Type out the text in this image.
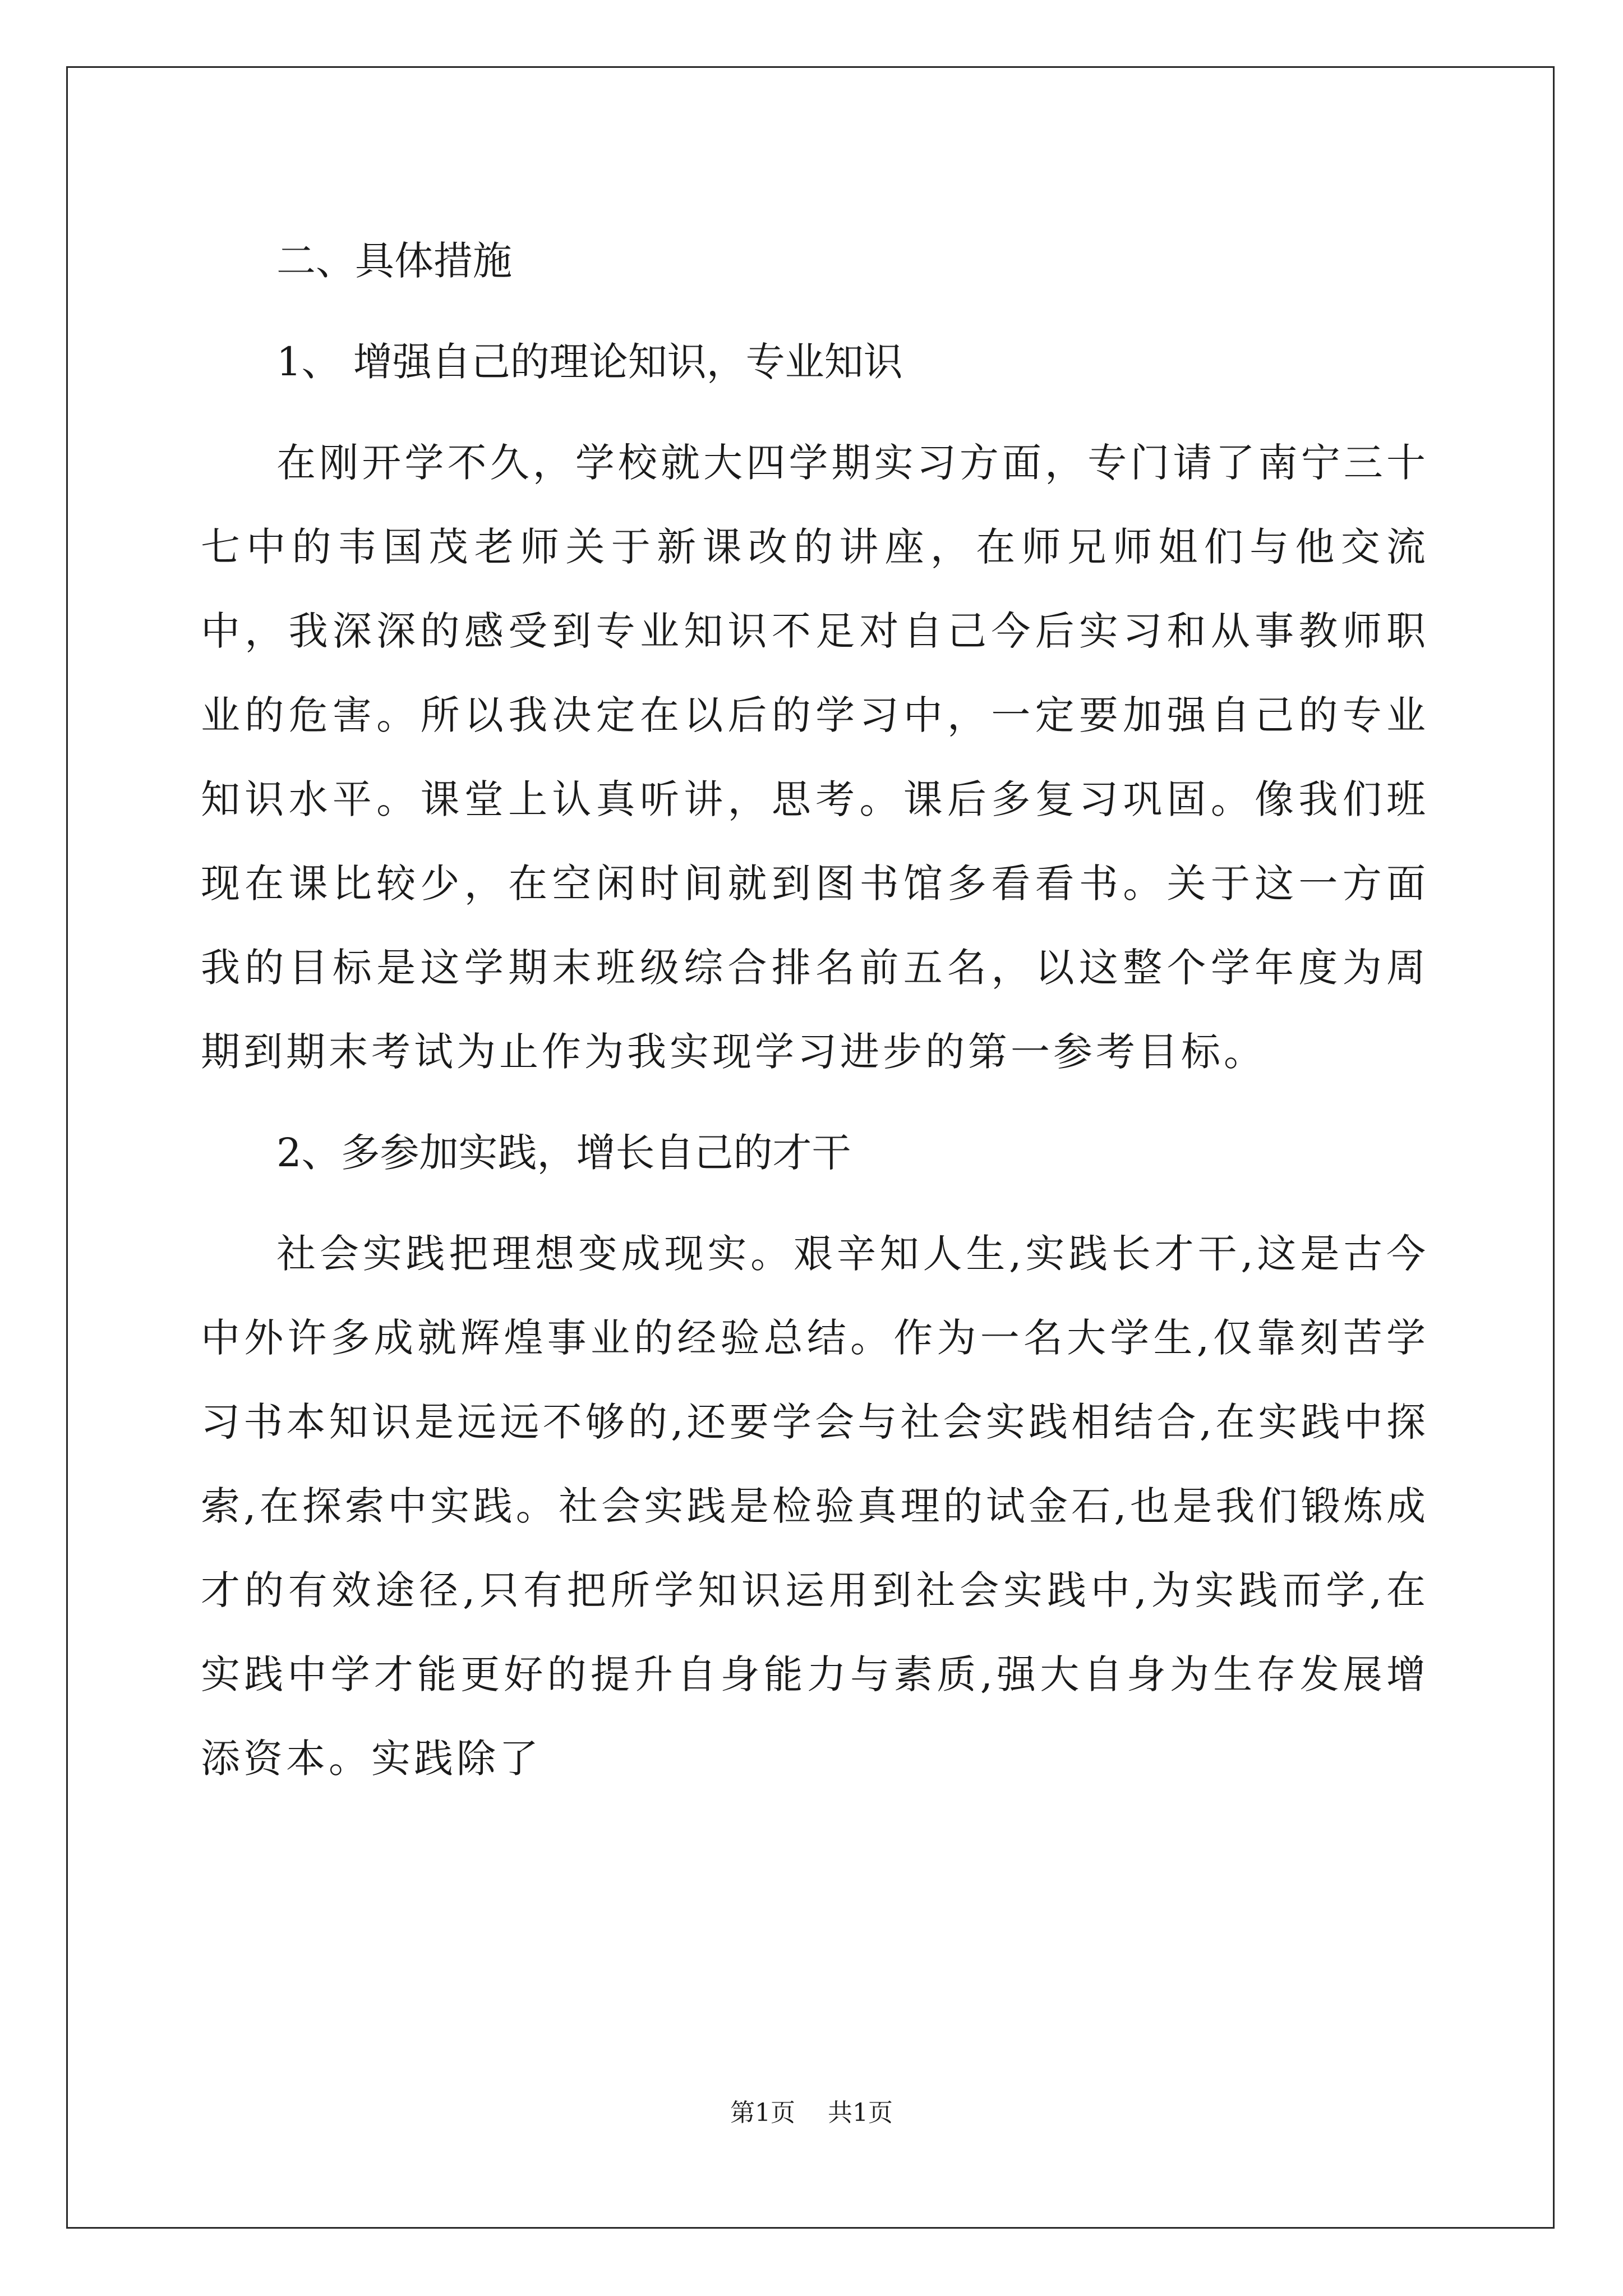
二、具体措施
1、 增强自己的理论知识，专业知识

在刚开学不久，学校就大四学期实习方面，专门请了南宁三十七中的韦国茂老师关于新课改的讲座，在师兄师姐们与他交流中，我深深的感受到专业知识不足对自己今后实习和从事教师职业的危害。所以我决定在以后的学习中，一定要加强自己的专业知识水平。课堂上认真听讲，思考。课后多复习巩固。像我们班现在课比较少，在空闲时间就到图书馆多看看书。关于这一方面我的目标是这学期末班级综合排名前五名，以这整个学年度为周期到期末考试为止作为我实现学习进步的第一参考目标。

2、多参加实践，增长自己的才干

社会实践把理想变成现实。艰辛知人生,实践长才干,这是古今中外许多成就辉煌事业的经验总结。作为一名大学生,仅靠刻苦学习书本知识是远远不够的,还要学会与社会实践相结合,在实践中探索,在探索中实践。社会实践是检验真理的试金石,也是我们锻炼成才的有效途径,只有把所学知识运用到社会实践中,为实践而学,在实践中学才能更好的提升自身能力与素质,强大自身为生存发展增添资本。实践除了

第1页 共1页
